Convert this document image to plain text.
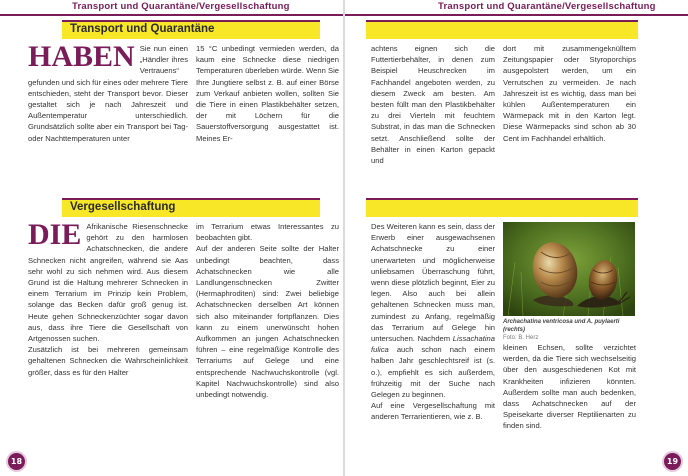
Transport und Quarantäne/Vergesellschaftung	Transport und Quarantäne/Vergesellschaftung
Transport und Quarantäne
HABEN Sie nun einen „Händler ihres Vertrauens“ gefunden und sich für eines oder mehrere Tiere entschieden, steht der Transport bevor. Dieser gestaltet sich je nach Jahreszeit und Außentemperatur unterschiedlich. Grundsätzlich sollte aber ein Transport bei Tag- oder Nachttemperaturen unter

15 °C unbedingt vermieden werden, da kaum eine Schnecke diese niedrigen Temperaturen überleben würde. Wenn Sie Ihre Jungtiere selbst z. B. auf einer Börse zum Verkauf anbieten wollen, sollten Sie die Tiere in einen Plastikbehälter setzen, der mit Löchern für die Sauerstoffversorgung ausgestattet ist. Meines Er-

achtens eignen sich die Futtertierbehälter, in denen zum Beispiel Heuschrecken im Fachhandel angeboten werden, zu diesem Zweck am besten. Am besten füllt man den Plastikbehälter zu drei Vierteln mit feuchtem Substrat, in das man die Schnecken setzt. Anschließend sollte der Behälter in einen Karton gepackt und

dort mit zusammengeknülltem Zeitungspapier oder Styroporchips ausgepolstert werden, um ein Verrutschen zu vermeiden. Je nach Jahreszeit ist es wichtig, dass man bei kühlen Außentemperaturen ein Wärmepack mit in den Karton legt. Diese Wärmepacks sind schon ab 30 Cent im Fachhandel erhältlich.

Vergesellschaftung
DIE Afrikanische Riesenschnecke gehört zu den harmlosen Achatschnecken, die andere Schnecken nicht angreifen, während sie Aas sehr wohl zu sich nehmen wird. Aus diesem Grund ist die Haltung mehrerer Schnecken in einem Terrarium im Prinzip kein Problem, solange das Becken dafür groß genug ist. Heute gehen Schneckenzüchter sogar davon aus, dass ihre Tiere die Gesellschaft von Artgenossen suchen.

Zusätzlich ist bei mehreren gemeinsam gehaltenen Schnecken die Wahrscheinlichkeit größer, dass es für den Halter

im Terrarium etwas Interessantes zu beobachten gibt.

Auf der anderen Seite sollte der Halter unbedingt beachten, dass Achatschnecken wie alle Landlungenschnecken Zwitter (Hermaphroditen) sind: Zwei beliebige Achatschnecken derselben Art können sich also miteinander fortpflanzen. Dies kann zu einem unerwünscht hohen Aufkommen an jungen Achatschnecken führen – eine regelmäßige Kontrolle des Terrariums auf Gelege und eine entsprechende Nachwuchskontrolle (vgl. Kapitel Nachwuchskontrolle) sind also unbedingt notwendig.

Des Weiteren kann es sein, dass der Erwerb einer ausgewachsenen Achatschnecke zu einer unerwarteten und möglicherweise unliebsamen Überraschung führt, wenn diese plötzlich beginnt, Eier zu legen. Also auch bei allein gehaltenen Schnecken muss man, zumindest zu Anfang, regelmäßig das Terrarium auf Gelege hin untersuchen. Nachdem Lissachatina fulica auch schon nach einem halben Jahr geschlechtsreif ist (s. o.), empfiehlt es sich außerdem, frühzeitig mit der Suche nach Gelegen zu beginnen.

Auf eine Vergesellschaftung mit anderen Terrarientieren, wie z. B.

Archachatina ventricosa und A. puylaerti (rechts)
Foto: B. Herz

kleinen Echsen, sollte verzichtet werden, da die Tiere sich wechselseitig über den ausgeschiedenen Kot mit Krankheiten infizieren könnten. Außerdem sollte man auch bedenken, dass Achatschnecken auf der Speisekarte diverser Reptilienarten zu finden sind.

18	19
